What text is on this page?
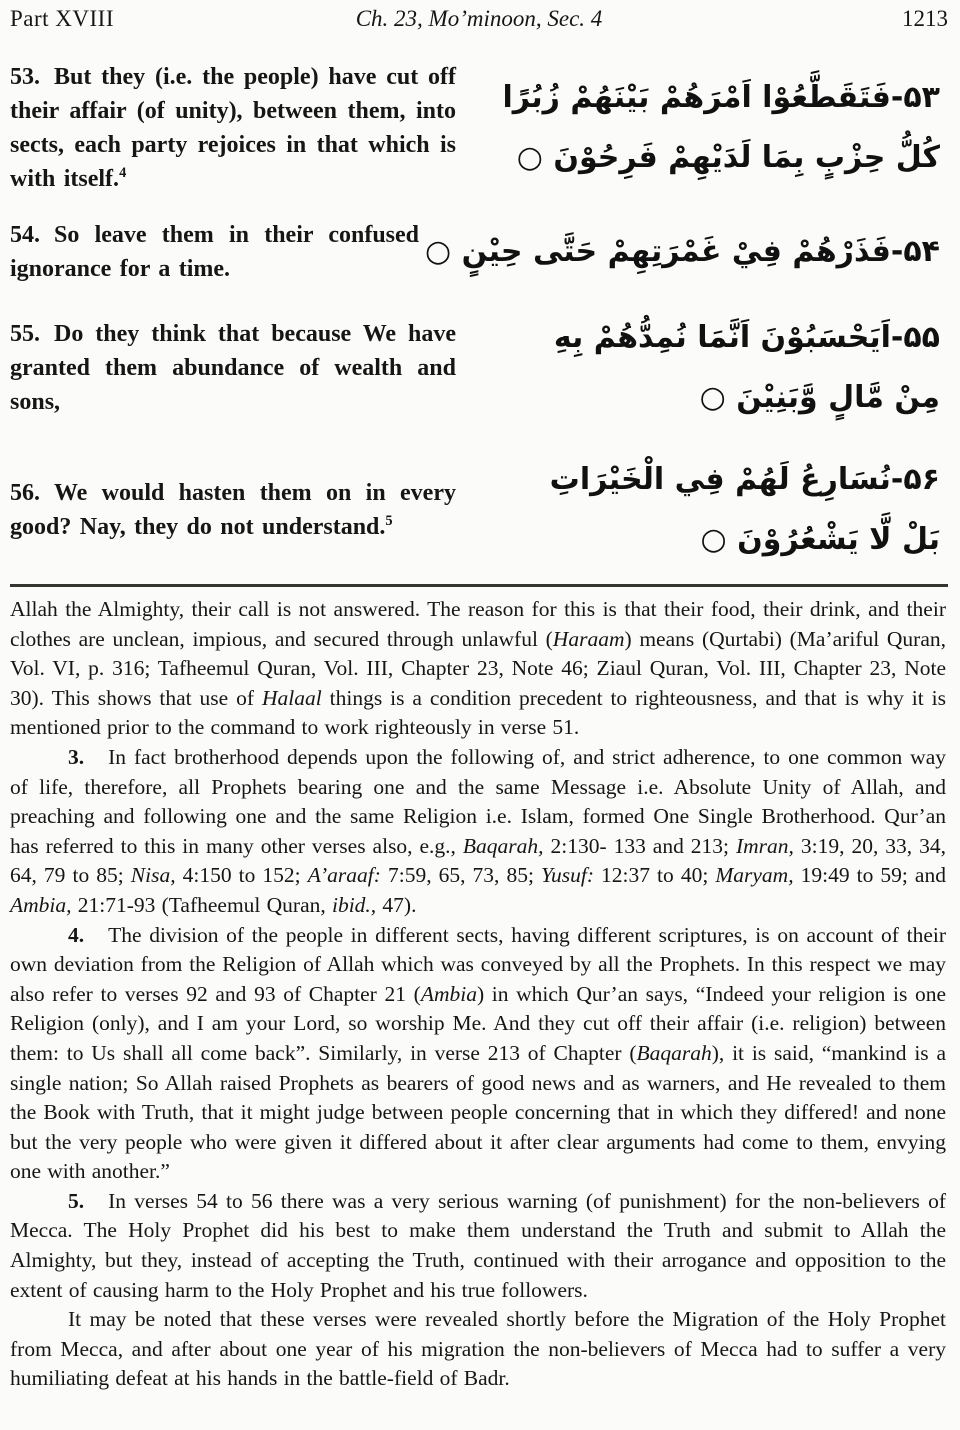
Part XVIII	Ch. 23, Mo’minoon, Sec. 4	1213

53. But they (i.e. the people) have cut off their affair (of unity), between them, into sects, each party rejoices in that which is with itself.$^4$

۵۳-فَتَقَطَّعُوْا اَمْرَهُمْ بَيْنَهُمْ زُبُرًا
كُلُّ حِزْبٍ بِمَا لَدَيْهِمْ فَرِحُوْنَ ○

54. So leave them in their confused ignorance for a time.	۵۴-فَذَرْهُمْ فِيْ غَمْرَتِهِمْ حَتَّى حِيْنٍ ○

55. Do they think that because We have granted them abundance of wealth and sons,

۵۵-اَيَحْسَبُوْنَ اَنَّمَا نُمِدُّهُمْ بِهِ
مِنْ مَّالٍ وَّبَنِيْنَ ○

56. We would hasten them on in every good? Nay, they do not understand.$^5$

۵۶-نُسَارِعُ لَهُمْ فِي الْخَيْرَاتِ
بَلْ لَّا يَشْعُرُوْنَ ○

Allah the Almighty, their call is not answered. The reason for this is that their food, their drink, and their clothes are unclean, impious, and secured through unlawful (Haraam) means (Qurtabi) (Ma’ariful Quran, Vol. VI, p. 316; Tafheemul Quran, Vol. III, Chapter 23, Note 46; Ziaul Quran, Vol. III, Chapter 23, Note 30). This shows that use of Halaal things is a condition precedent to righteousness, and that is why it is mentioned prior to the command to work righteously in verse 51.

3. In fact brotherhood depends upon the following of, and strict adherence, to one common way of life, therefore, all Prophets bearing one and the same Message i.e. Absolute Unity of Allah, and preaching and following one and the same Religion i.e. Islam, formed One Single Brotherhood. Qur’an has referred to this in many other verses also, e.g., Baqarah, 2:130- 133 and 213; Imran, 3:19, 20, 33, 34, 64, 79 to 85; Nisa, 4:150 to 152; A’araaf: 7:59, 65, 73, 85; Yusuf: 12:37 to 40; Maryam, 19:49 to 59; and Ambia, 21:71-93 (Tafheemul Quran, ibid., 47).

4. The division of the people in different sects, having different scriptures, is on account of their own deviation from the Religion of Allah which was conveyed by all the Prophets. In this respect we may also refer to verses 92 and 93 of Chapter 21 (Ambia) in which Qur’an says, “Indeed your religion is one Religion (only), and I am your Lord, so worship Me. And they cut off their affair (i.e. religion) between them: to Us shall all come back”. Similarly, in verse 213 of Chapter (Baqarah), it is said, “mankind is a single nation; So Allah raised Prophets as bearers of good news and as warners, and He revealed to them the Book with Truth, that it might judge between people concerning that in which they differed! and none but the very people who were given it differed about it after clear arguments had come to them, envying one with another.”

5. In verses 54 to 56 there was a very serious warning (of punishment) for the non-believers of Mecca. The Holy Prophet did his best to make them understand the Truth and submit to Allah the Almighty, but they, instead of accepting the Truth, continued with their arrogance and opposition to the extent of causing harm to the Holy Prophet and his true followers.

It may be noted that these verses were revealed shortly before the Migration of the Holy Prophet from Mecca, and after about one year of his migration the non-believers of Mecca had to suffer a very humiliating defeat at his hands in the battle-field of Badr.
